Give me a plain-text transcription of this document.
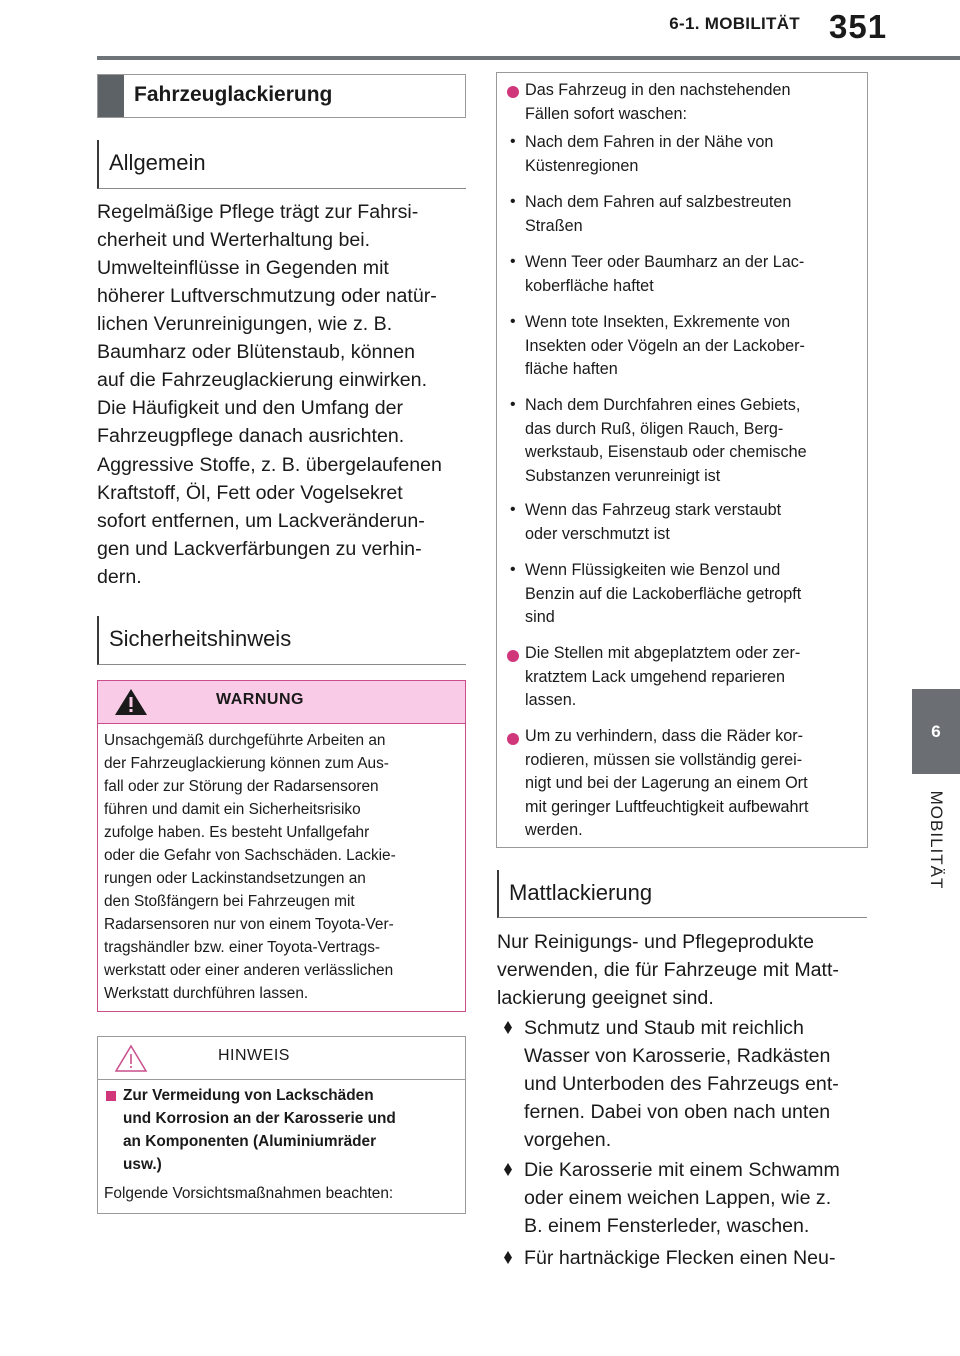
6-1. MOBILITÄT 351
6
MOBILITÄT
Fahrzeuglackierung
Allgemein
Regelmäßige Pflege trägt zur Fahrsi-
cherheit und Werterhaltung bei.
Umwelteinflüsse in Gegenden mit
höherer Luftverschmutzung oder natür-
lichen Verunreinigungen, wie z. B.
Baumharz oder Blütenstaub, können
auf die Fahrzeuglackierung einwirken.
Die Häufigkeit und den Umfang der
Fahrzeugpflege danach ausrichten.
Aggressive Stoffe, z. B. übergelaufenen
Kraftstoff, Öl, Fett oder Vogelsekret
sofort entfernen, um Lackveränderun-
gen und Lackverfärbungen zu verhin-
dern.
Sicherheitshinweis
WARNUNG
Unsachgemäß durchgeführte Arbeiten an
der Fahrzeuglackierung können zum Aus-
fall oder zur Störung der Radarsensoren
führen und damit ein Sicherheitsrisiko
zufolge haben. Es besteht Unfallgefahr
oder die Gefahr von Sachschäden. Lackie-
rungen oder Lackinstandsetzungen an
den Stoßfängern bei Fahrzeugen mit
Radarsensoren nur von einem Toyota-Ver-
tragshändler bzw. einer Toyota-Vertrags-
werkstatt oder einer anderen verlässlichen
Werkstatt durchführen lassen.
HINWEIS
Zur Vermeidung von Lackschäden
und Korrosion an der Karosserie und
an Komponenten (Aluminiumräder
usw.)
Folgende Vorsichtsmaßnahmen beachten:
Das Fahrzeug in den nachstehenden
Fällen sofort waschen:
• Nach dem Fahren in der Nähe von
Küstenregionen
• Nach dem Fahren auf salzbestreuten
Straßen
• Wenn Teer oder Baumharz an der Lac-
koberfläche haftet
• Wenn tote Insekten, Exkremente von
Insekten oder Vögeln an der Lackober-
fläche haften
• Nach dem Durchfahren eines Gebiets,
das durch Ruß, öligen Rauch, Berg-
werkstaub, Eisenstaub oder chemische
Substanzen verunreinigt ist
• Wenn das Fahrzeug stark verstaubt
oder verschmutzt ist
• Wenn Flüssigkeiten wie Benzol und
Benzin auf die Lackoberfläche getropft
sind
Die Stellen mit abgeplatztem oder zer-
kratztem Lack umgehend reparieren
lassen.
Um zu verhindern, dass die Räder kor-
rodieren, müssen sie vollständig gerei-
nigt und bei der Lagerung an einem Ort
mit geringer Luftfeuchtigkeit aufbewahrt
werden.
Mattlackierung
Nur Reinigungs- und Pflegeprodukte
verwenden, die für Fahrzeuge mit Matt-
lackierung geeignet sind.
Schmutz und Staub mit reichlich
Wasser von Karosserie, Radkästen
und Unterboden des Fahrzeugs ent-
fernen. Dabei von oben nach unten
vorgehen.
Die Karosserie mit einem Schwamm
oder einem weichen Lappen, wie z.
B. einem Fensterleder, waschen.
Für hartnäckige Flecken einen Neu-
